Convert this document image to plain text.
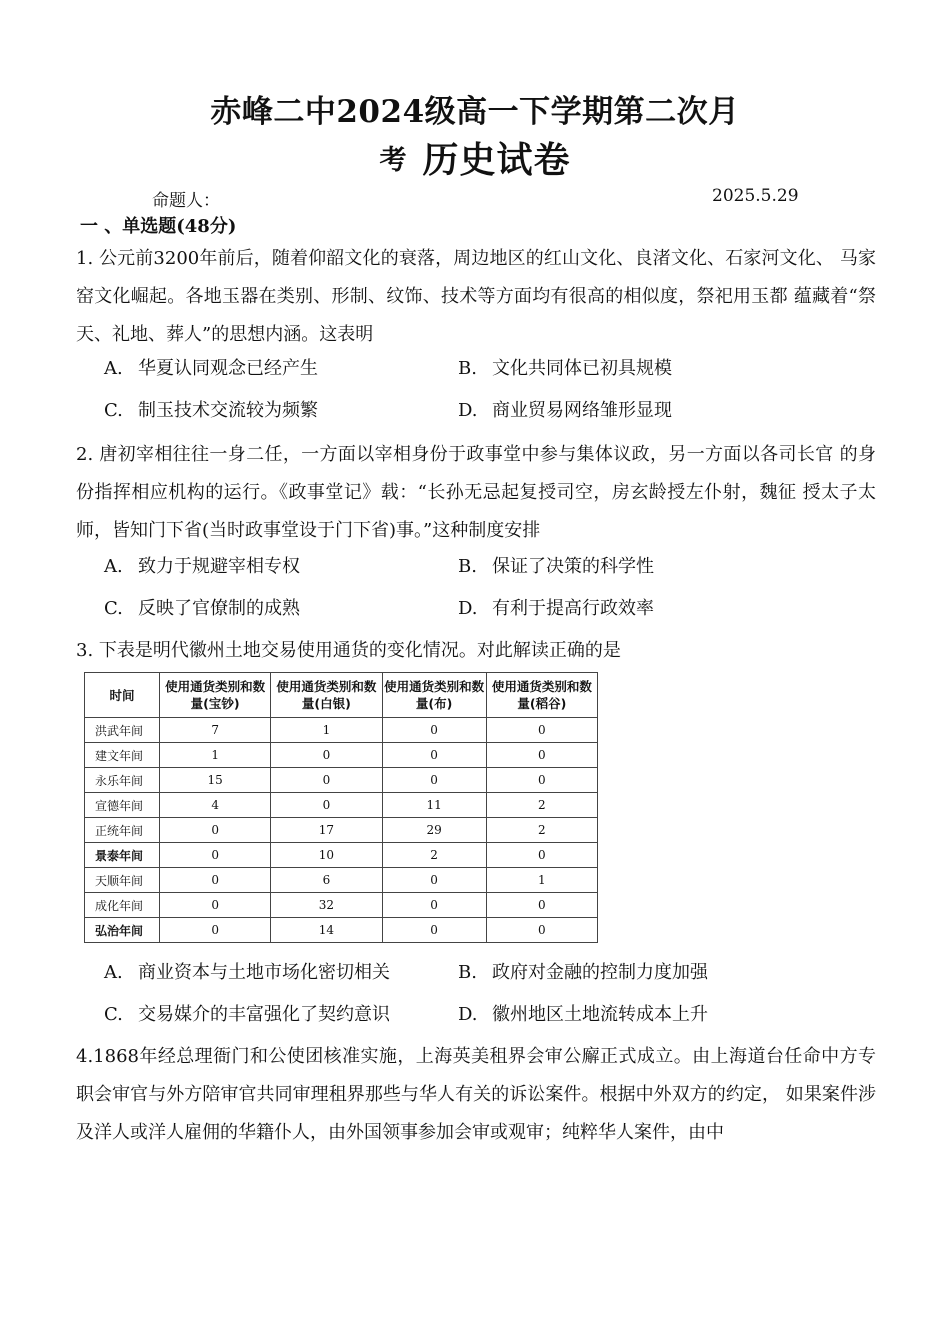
赤峰二中2024级高一下学期第二次月
考 历史试卷
命题人：	2025.5.29
一 、单选题(48分)
1. 公元前3200年前后，随着仰韶文化的衰落，周边地区的红山文化、良渚文化、石家河文化、 马家窑文化崛起。各地玉器在类别、形制、纹饰、技术等方面均有很高的相似度，祭祀用玉都 蕴藏着“祭天、礼地、葬人”的思想内涵。这表明
A. 华夏认同观念已经产生	B. 文化共同体已初具规模
C. 制玉技术交流较为频繁	D. 商业贸易网络雏形显现
2. 唐初宰相往往一身二任，一方面以宰相身份于政事堂中参与集体议政，另一方面以各司长官 的身份指挥相应机构的运行。《政事堂记》载：“长孙无忌起复授司空，房玄龄授左仆射，魏征 授太子太师，皆知门下省(当时政事堂设于门下省)事。”这种制度安排
A. 致力于规避宰相专权	B. 保证了决策的科学性
C. 反映了官僚制的成熟	D. 有利于提高行政效率
3. 下表是明代徽州土地交易使用通货的变化情况。对此解读正确的是
时间	使用通货类别和数量(宝钞)	使用通货类别和数量(白银)	使用通货类别和数量(布)	使用通货类别和数量(稻谷)
洪武年间	7	1	0	0
建文年间	1	0	0	0
永乐年间	15	0	0	0
宣德年间	4	0	11	2
正统年间	0	17	29	2
景泰年间	0	10	2	0
天顺年间	0	6	0	1
成化年间	0	32	0	0
弘治年间	0	14	0	0
A. 商业资本与土地市场化密切相关	B. 政府对金融的控制力度加强
C. 交易媒介的丰富强化了契约意识	D. 徽州地区土地流转成本上升
4.1868年经总理衙门和公使团核准实施，上海英美租界会审公廨正式成立。由上海道台任命中方专职会审官与外方陪审官共同审理租界那些与华人有关的诉讼案件。根据中外双方的约定， 如果案件涉及洋人或洋人雇佣的华籍仆人，由外国领事参加会审或观审；纯粹华人案件，由中
